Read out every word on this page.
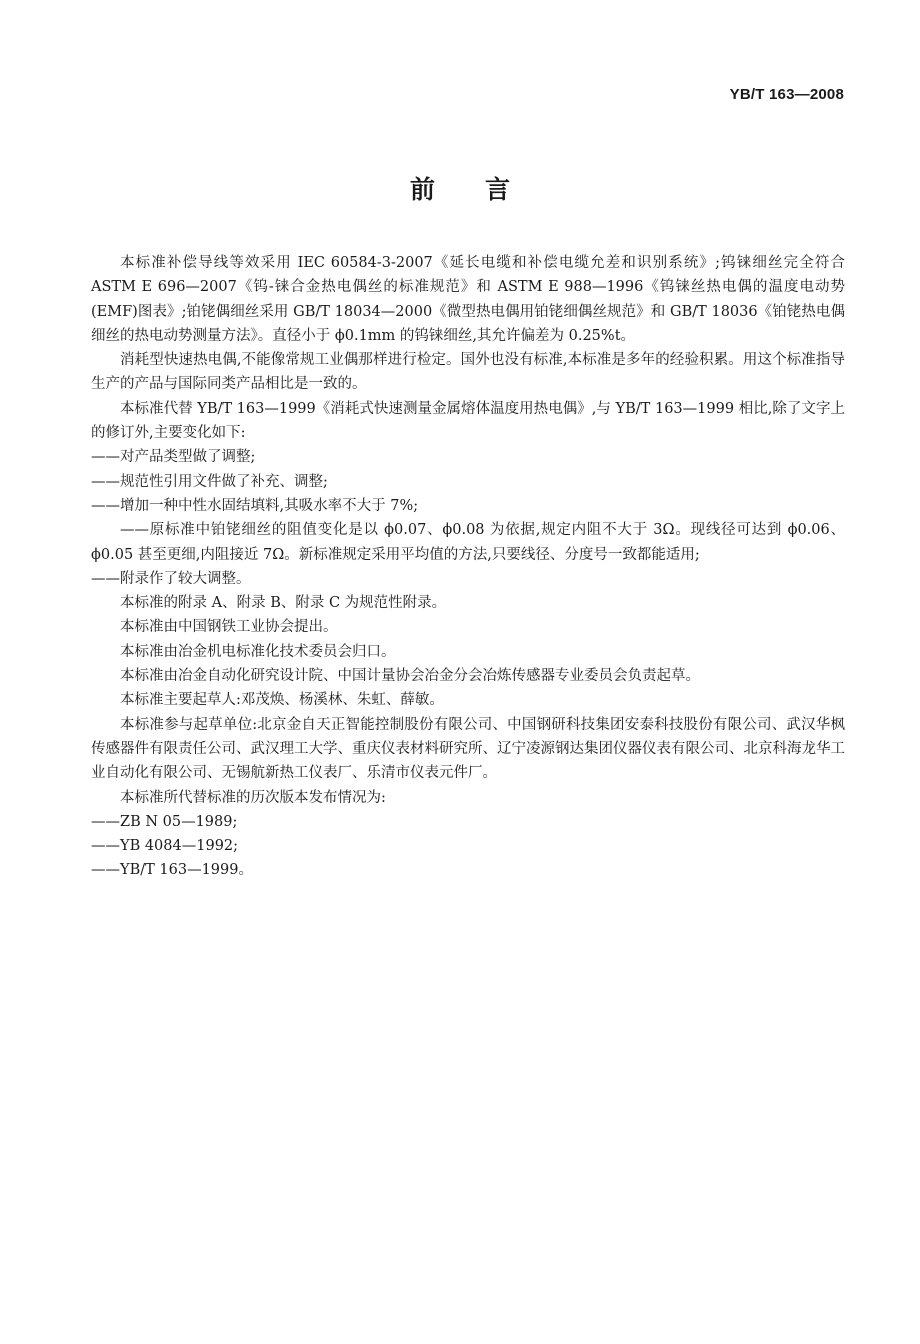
YB/T 163—2008
前言

本标准补偿导线等效采用 IEC 60584-3-2007《延长电缆和补偿电缆允差和识别系统》;钨铼细丝完全符合 ASTM E 696—2007《钨-铼合金热电偶丝的标准规范》和 ASTM E 988—1996《钨铼丝热电偶的温度电动势(EMF)图表》;铂铑偶细丝采用 GB/T 18034—2000《微型热电偶用铂铑细偶丝规范》和 GB/T 18036《铂铑热电偶细丝的热电动势测量方法》。直径小于 ϕ0.1mm 的钨铼细丝,其允许偏差为 0.25%t。

消耗型快速热电偶,不能像常规工业偶那样进行检定。国外也没有标准,本标准是多年的经验积累。用这个标准指导生产的产品与国际同类产品相比是一致的。

本标准代替 YB/T 163—1999《消耗式快速测量金属熔体温度用热电偶》,与 YB/T 163—1999 相比,除了文字上的修订外,主要变化如下:

——对产品类型做了调整;

——规范性引用文件做了补充、调整;

——增加一种中性水固结填料,其吸水率不大于 7%;

——原标准中铂铑细丝的阻值变化是以 ϕ0.07、ϕ0.08 为依据,规定内阻不大于 3Ω。现线径可达到 ϕ0.06、ϕ0.05 甚至更细,内阻接近 7Ω。新标准规定采用平均值的方法,只要线径、分度号一致都能适用;

——附录作了较大调整。

本标准的附录 A、附录 B、附录 C 为规范性附录。

本标准由中国钢铁工业协会提出。

本标准由冶金机电标准化技术委员会归口。

本标准由冶金自动化研究设计院、中国计量协会冶金分会冶炼传感器专业委员会负责起草。

本标准主要起草人:邓茂焕、杨溪林、朱虹、薛敏。

本标准参与起草单位:北京金自天正智能控制股份有限公司、中国钢研科技集团安泰科技股份有限公司、武汉华枫传感器件有限责任公司、武汉理工大学、重庆仪表材料研究所、辽宁凌源钢达集团仪器仪表有限公司、北京科海龙华工业自动化有限公司、无锡航新热工仪表厂、乐清市仪表元件厂。

本标准所代替标准的历次版本发布情况为:

——ZB N 05—1989;

——YB 4084—1992;

——YB/T 163—1999。
